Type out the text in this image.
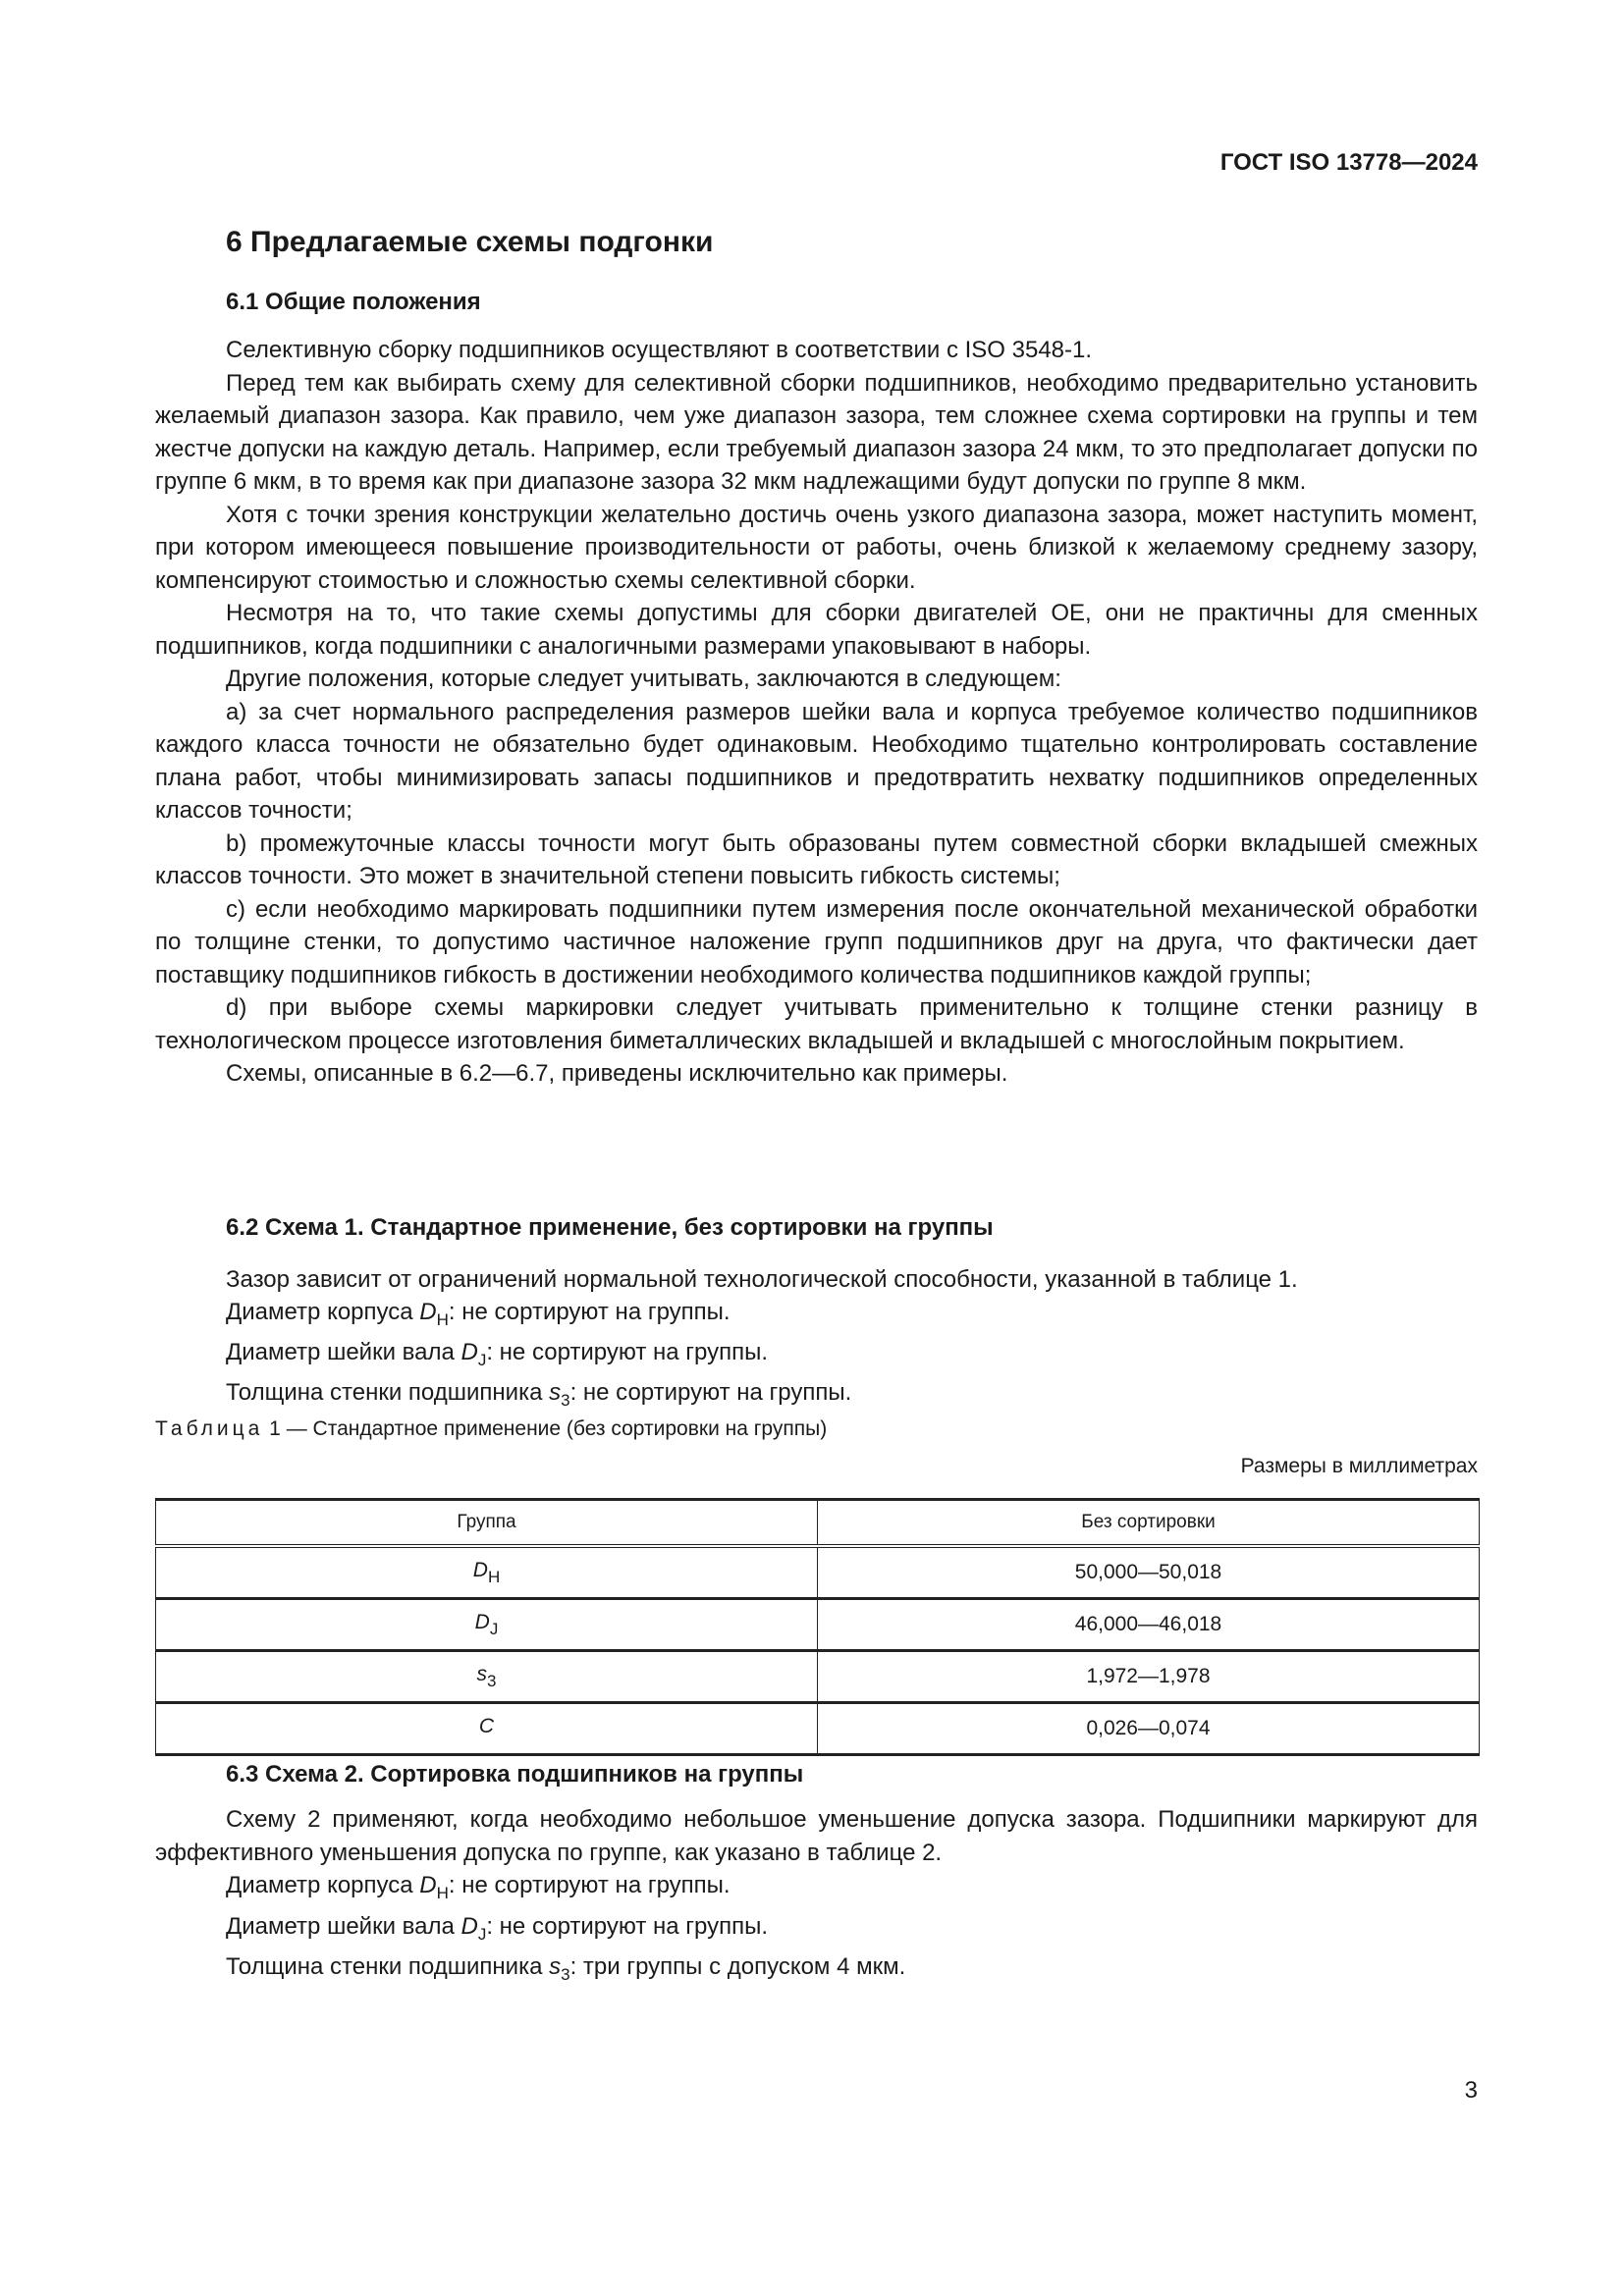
ГОСТ ISO 13778—2024
6 Предлагаемые схемы подгонки
6.1 Общие положения

Селективную сборку подшипников осуществляют в соответствии с ISO 3548-1.

Перед тем как выбирать схему для селективной сборки подшипников, необходимо предварительно установить желаемый диапазон зазора. Как правило, чем уже диапазон зазора, тем сложнее схема сортировки на группы и тем жестче допуски на каждую деталь. Например, если требуемый диапазон зазора 24 мкм, то это предполагает допуски по группе 6 мкм, в то время как при диапазоне зазора 32 мкм надлежащими будут допуски по группе 8 мкм.

Хотя с точки зрения конструкции желательно достичь очень узкого диапазона зазора, может наступить момент, при котором имеющееся повышение производительности от работы, очень близкой к желаемому среднему зазору, компенсируют стоимостью и сложностью схемы селективной сборки.

Несмотря на то, что такие схемы допустимы для сборки двигателей ОЕ, они не практичны для сменных подшипников, когда подшипники с аналогичными размерами упаковывают в наборы.

Другие положения, которые следует учитывать, заключаются в следующем:

a) за счет нормального распределения размеров шейки вала и корпуса требуемое количество подшипников каждого класса точности не обязательно будет одинаковым. Необходимо тщательно контролировать составление плана работ, чтобы минимизировать запасы подшипников и предотвратить нехватку подшипников определенных классов точности;

b) промежуточные классы точности могут быть образованы путем совместной сборки вкладышей смежных классов точности. Это может в значительной степени повысить гибкость системы;

c) если необходимо маркировать подшипники путем измерения после окончательной механической обработки по толщине стенки, то допустимо частичное наложение групп подшипников друг на друга, что фактически дает поставщику подшипников гибкость в достижении необходимого количества подшипников каждой группы;

d) при выборе схемы маркировки следует учитывать применительно к толщине стенки разницу в технологическом процессе изготовления биметаллических вкладышей и вкладышей с многослойным покрытием.

Схемы, описанные в 6.2—6.7, приведены исключительно как примеры.

6.2 Схема 1. Стандартное применение, без сортировки на группы

Зазор зависит от ограничений нормальной технологической способности, указанной в таблице 1.

Диаметр корпуса $D_H$: не сортируют на группы.

Диаметр шейки вала $D_J$: не сортируют на группы.

Толщина стенки подшипника $s_3$: не сортируют на группы.

Таблица 1 — Стандартное применение (без сортировки на группы)
Размеры в миллиметрах
Группа	Без сортировки
$D_H$	50,000—50,018
$D_J$	46,000—46,018
$s_3$	1,972—1,978
C	0,026—0,074
6.3 Схема 2. Сортировка подшипников на группы

Схему 2 применяют, когда необходимо небольшое уменьшение допуска зазора. Подшипники маркируют для эффективного уменьшения допуска по группе, как указано в таблице 2.

Диаметр корпуса $D_H$: не сортируют на группы.

Диаметр шейки вала $D_J$: не сортируют на группы.

Толщина стенки подшипника $s_3$: три группы с допуском 4 мкм.

3
